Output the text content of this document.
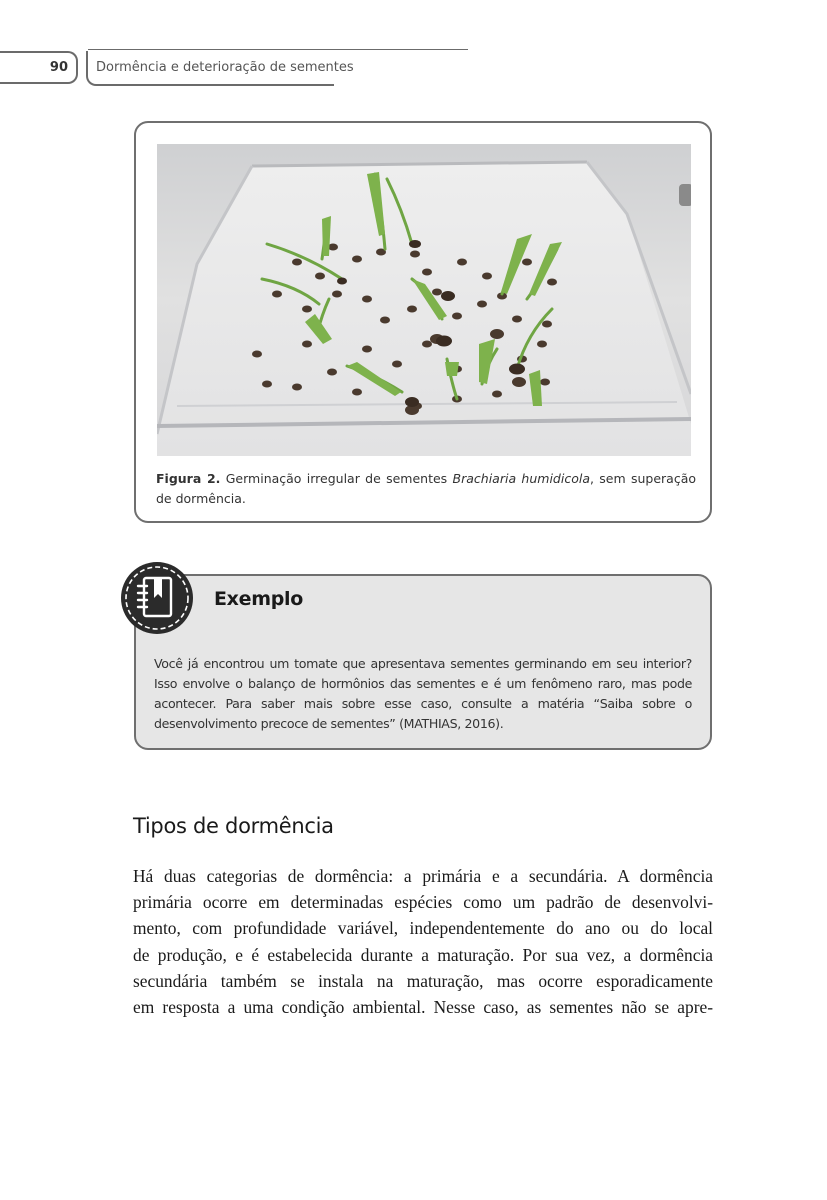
90 Dormência e deterioração de sementes
Figura 2. Germinação irregular de sementes Brachiaria humidicola, sem superação de dormência.
Exemplo
Você já encontrou um tomate que apresentava sementes germinando em seu interior? Isso envolve o balanço de hormônios das sementes e é um fenômeno raro, mas pode acontecer. Para saber mais sobre esse caso, consulte a matéria “Saiba sobre o desenvolvimento precoce de sementes” (MATHIAS, 2016).
Tipos de dormência

Há duas categorias de dormência: a primária e a secundária. A dormência
primária ocorre em determinadas espécies como um padrão de desenvolvi-
mento, com profundidade variável, independentemente do ano ou do local
de produção, e é estabelecida durante a maturação. Por sua vez, a dormência
secundária também se instala na maturação, mas ocorre esporadicamente
em resposta a uma condição ambiental. Nesse caso, as sementes não se apre-
